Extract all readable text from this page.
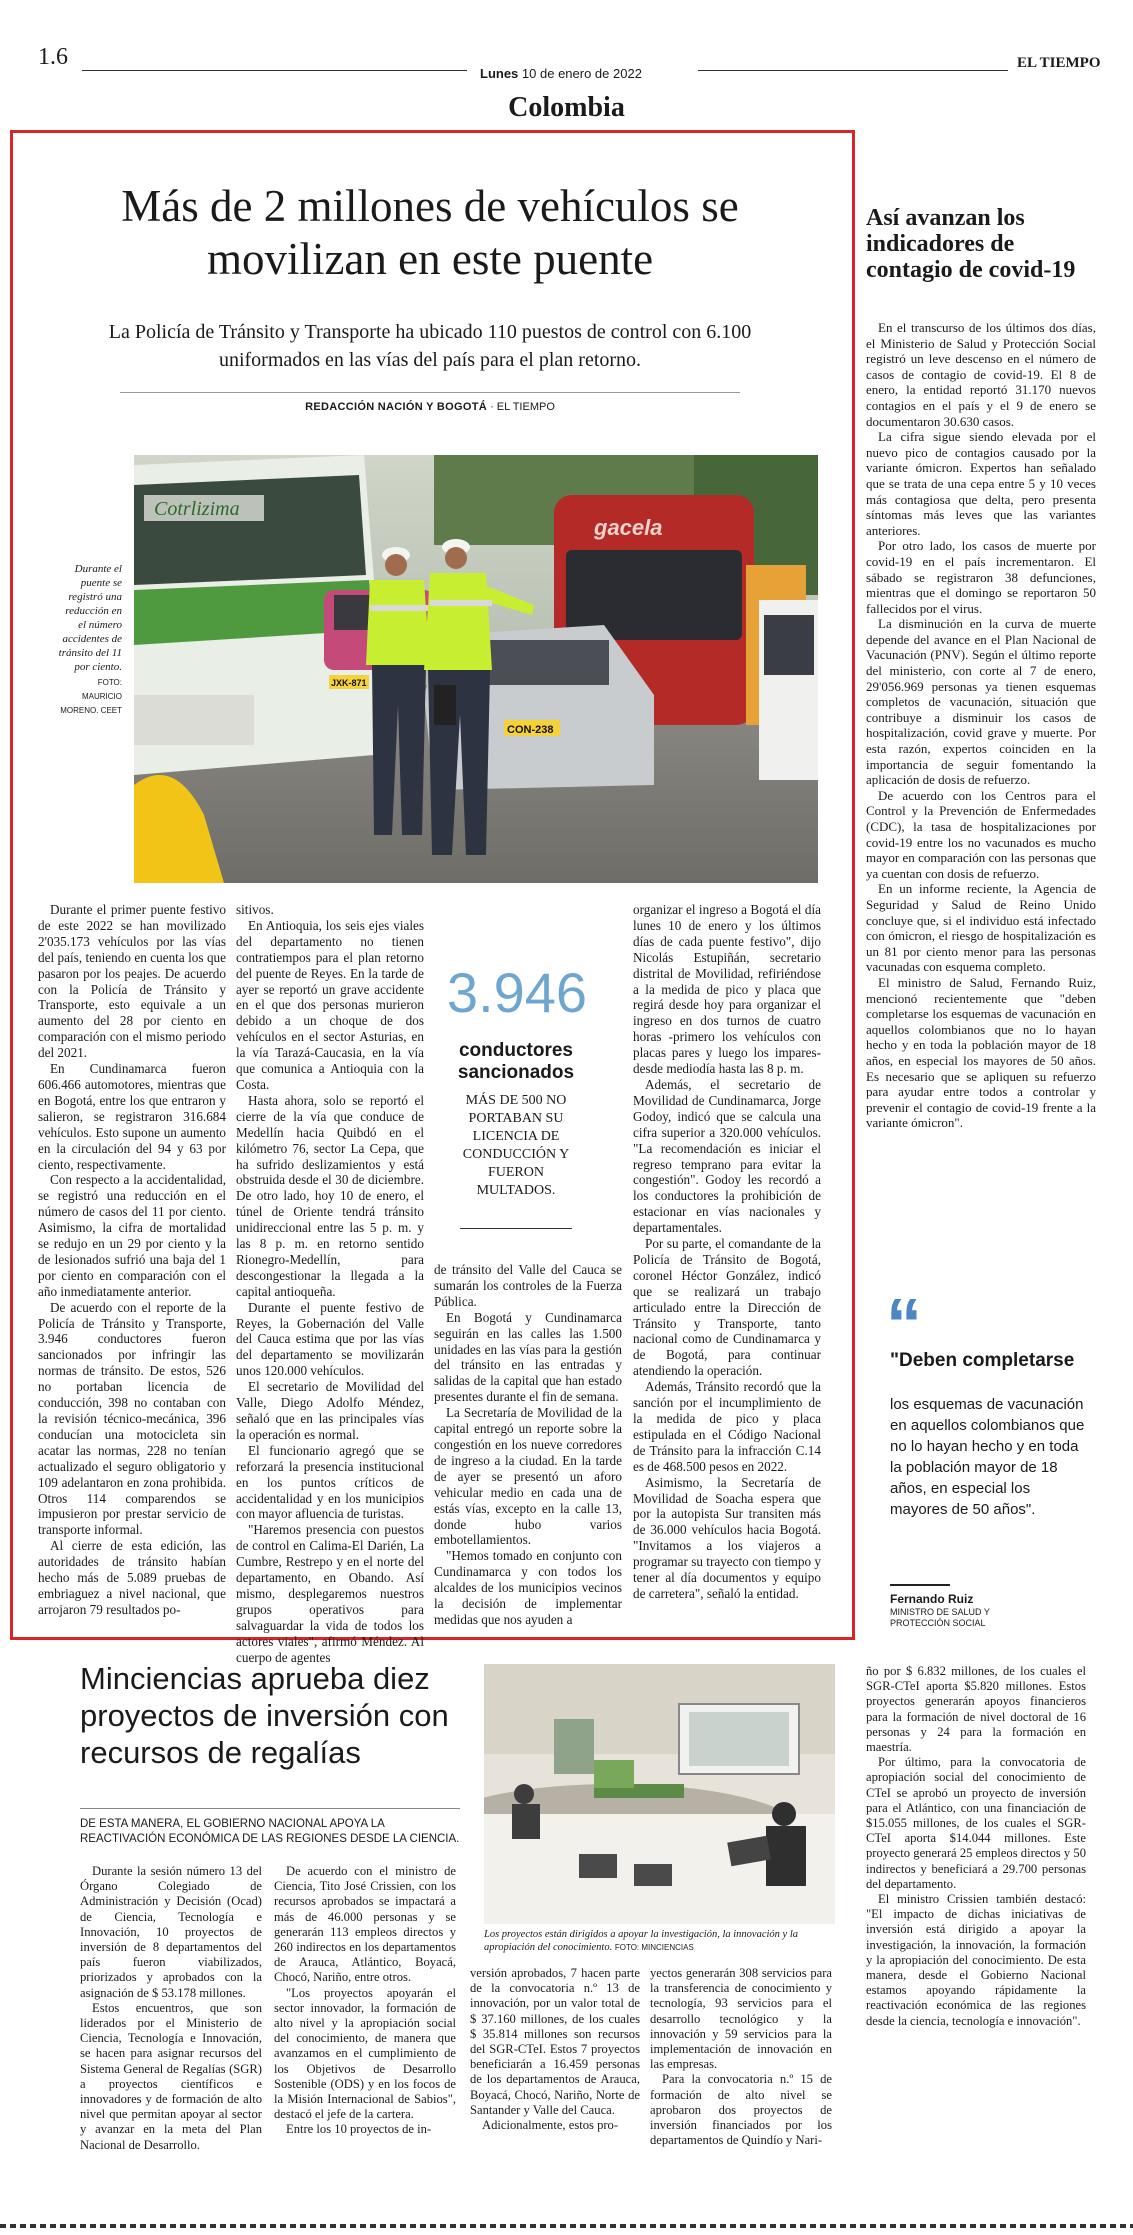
1.6
Lunes 10 de enero de 2022
EL TIEMPO
Colombia
Más de 2 millones de vehículos se movilizan en este puente
La Policía de Tránsito y Transporte ha ubicado 110 puestos de control con 6.100 uniformados en las vías del país para el plan retorno.
REDACCIÓN NACIÓN Y BOGOTÁ · EL TIEMPO
Durante el puente se registró una reducción en el número accidentes de tránsito del 11 por ciento.
FOTO: MAURICIO MORENO. CEET
Cotrlizima
gacela
CON-238
JXK-871

Durante el primer puente festivo de este 2022 se han movilizado 2'035.173 vehículos por las vías del país, teniendo en cuenta los que pasaron por los peajes. De acuerdo con la Policía de Tránsito y Transporte, esto equivale a un aumento del 28 por ciento en comparación con el mismo periodo del 2021.

En Cundinamarca fueron 606.466 automotores, mientras que en Bogotá, entre los que entraron y salieron, se registraron 316.684 vehículos. Esto supone un aumento en la circulación del 94 y 63 por ciento, respectivamente.

Con respecto a la accidentalidad, se registró una reducción en el número de casos del 11 por ciento. Asimismo, la cifra de mortalidad se redujo en un 29 por ciento y la de lesionados sufrió una baja del 1 por ciento en comparación con el año inmediatamente anterior.

De acuerdo con el reporte de la Policía de Tránsito y Transporte, 3.946 conductores fueron sancionados por infringir las normas de tránsito. De estos, 526 no portaban licencia de conducción, 398 no contaban con la revisión técnico-mecánica, 396 conducían una motocicleta sin acatar las normas, 228 no tenían actualizado el seguro obligatorio y 109 adelantaron en zona prohibida. Otros 114 comparendos se impusieron por prestar servicio de transporte informal.

Al cierre de esta edición, las autoridades de tránsito habían hecho más de 5.089 pruebas de embriaguez a nivel nacional, que arrojaron 79 resultados po-

sitivos.

En Antioquia, los seis ejes viales del departamento no tienen contratiempos para el plan retorno del puente de Reyes. En la tarde de ayer se reportó un grave accidente en el que dos personas murieron debido a un choque de dos vehículos en el sector Asturias, en la vía Tarazá-Caucasia, en la vía que comunica a Antioquia con la Costa.

Hasta ahora, solo se reportó el cierre de la vía que conduce de Medellín hacia Quibdó en el kilómetro 76, sector La Cepa, que ha sufrido deslizamientos y está obstruida desde el 30 de diciembre. De otro lado, hoy 10 de enero, el túnel de Oriente tendrá tránsito unidireccional entre las 5 p. m. y las 8 p. m. en retorno sentido Rionegro-Medellín, para descongestionar la llegada a la capital antioqueña.

Durante el puente festivo de Reyes, la Gobernación del Valle del Cauca estima que por las vías del departamento se movilizarán unos 120.000 vehículos.

El secretario de Movilidad del Valle, Diego Adolfo Méndez, señaló que en las principales vías la operación es normal.

El funcionario agregó que se reforzará la presencia institucional en los puntos críticos de accidentalidad y en los municipios con mayor afluencia de turistas.

"Haremos presencia con puestos de control en Calima-El Darién, La Cumbre, Restrepo y en el norte del departamento, en Obando. Así mismo, desplegaremos nuestros grupos operativos para salvaguardar la vida de todos los actores viales", afirmó Méndez. Al cuerpo de agentes

3.946
conductores sancionados
MÁS DE 500 NO PORTABAN SU LICENCIA DE CONDUCCIÓN Y FUERON MULTADOS.

de tránsito del Valle del Cauca se sumarán los controles de la Fuerza Pública.

En Bogotá y Cundinamarca seguirán en las calles las 1.500 unidades en las vías para la gestión del tránsito en las entradas y salidas de la capital que han estado presentes durante el fin de semana.

La Secretaría de Movilidad de la capital entregó un reporte sobre la congestión en los nueve corredores de ingreso a la ciudad. En la tarde de ayer se presentó un aforo vehicular medio en cada una de estás vías, excepto en la calle 13, donde hubo varios embotellamientos.

"Hemos tomado en conjunto con Cundinamarca y con todos los alcaldes de los municipios vecinos la decisión de implementar medidas que nos ayuden a

organizar el ingreso a Bogotá el día lunes 10 de enero y los últimos días de cada puente festivo", dijo Nicolás Estupiñán, secretario distrital de Movilidad, refiriéndose a la medida de pico y placa que regirá desde hoy para organizar el ingreso en dos turnos de cuatro horas -primero los vehículos con placas pares y luego los impares- desde mediodía hasta las 8 p. m.

Además, el secretario de Movilidad de Cundinamarca, Jorge Godoy, indicó que se calcula una cifra superior a 320.000 vehículos. "La recomendación es iniciar el regreso temprano para evitar la congestión". Godoy les recordó a los conductores la prohibición de estacionar en vías nacionales y departamentales.

Por su parte, el comandante de la Policía de Tránsito de Bogotá, coronel Héctor González, indicó que se realizará un trabajo articulado entre la Dirección de Tránsito y Transporte, tanto nacional como de Cundinamarca y de Bogotá, para continuar atendiendo la operación.

Además, Tránsito recordó que la sanción por el incumplimiento de la medida de pico y placa estipulada en el Código Nacional de Tránsito para la infracción C.14 es de 468.500 pesos en 2022.

Asimismo, la Secretaría de Movilidad de Soacha espera que por la autopista Sur transiten más de 36.000 vehículos hacia Bogotá. "Invitamos a los viajeros a programar su trayecto con tiempo y tener al día documentos y equipo de carretera", señaló la entidad.

Así avanzan los indicadores de contagio de covid-19

En el transcurso de los últimos dos días, el Ministerio de Salud y Protección Social registró un leve descenso en el número de casos de contagio de covid-19. El 8 de enero, la entidad reportó 31.170 nuevos contagios en el país y el 9 de enero se documentaron 30.630 casos.

La cifra sigue siendo elevada por el nuevo pico de contagios causado por la variante ómicron. Expertos han señalado que se trata de una cepa entre 5 y 10 veces más contagiosa que delta, pero presenta síntomas más leves que las variantes anteriores.

Por otro lado, los casos de muerte por covid-19 en el país incrementaron. El sábado se registraron 38 defunciones, mientras que el domingo se reportaron 50 fallecidos por el virus.

La disminución en la curva de muerte depende del avance en el Plan Nacional de Vacunación (PNV). Según el último reporte del ministerio, con corte al 7 de enero, 29'056.969 personas ya tienen esquemas completos de vacunación, situación que contribuye a disminuir los casos de hospitalización, covid grave y muerte. Por esta razón, expertos coinciden en la importancia de seguir fomentando la aplicación de dosis de refuerzo.

De acuerdo con los Centros para el Control y la Prevención de Enfermedades (CDC), la tasa de hospitalizaciones por covid-19 entre los no vacunados es mucho mayor en comparación con las personas que ya cuentan con dosis de refuerzo.

En un informe reciente, la Agencia de Seguridad y Salud de Reino Unido concluye que, si el individuo está infectado con ómicron, el riesgo de hospitalización es un 81 por ciento menor para las personas vacunadas con esquema completo.

El ministro de Salud, Fernando Ruiz, mencionó recientemente que "deben completarse los esquemas de vacunación en aquellos colombianos que no lo hayan hecho y en toda la población mayor de 18 años, en especial los mayores de 50 años. Es necesario que se apliquen su refuerzo para ayudar entre todos a controlar y prevenir el contagio de covid-19 frente a la variante ómicron".

“
"Deben completarse
los esquemas de vacunación en aquellos colombianos que no lo hayan hecho y en toda la población mayor de 18 años, en especial los mayores de 50 años".
Fernando Ruiz
MINISTRO DE SALUD Y PROTECCIÓN SOCIAL
Minciencias aprueba diez proyectos de inversión con recursos de regalías
DE ESTA MANERA, EL GOBIERNO NACIONAL APOYA LA REACTIVACIÓN ECONÓMICA DE LAS REGIONES DESDE LA CIENCIA.
Los proyectos están dirigidos a apoyar la investigación, la innovación y la apropiación del conocimiento. FOTO: MINCIENCIAS

Durante la sesión número 13 del Órgano Colegiado de Administración y Decisión (Ocad) de Ciencia, Tecnología e Innovación, 10 proyectos de inversión de 8 departamentos del país fueron viabilizados, priorizados y aprobados con la asignación de $ 53.178 millones.

Estos encuentros, que son liderados por el Ministerio de Ciencia, Tecnología e Innovación, se hacen para asignar recursos del Sistema General de Regalías (SGR) a proyectos científicos e innovadores y de formación de alto nivel que permitan apoyar al sector y avanzar en la meta del Plan Nacional de Desarrollo.

De acuerdo con el ministro de Ciencia, Tito José Crissien, con los recursos aprobados se impactará a más de 46.000 personas y se generarán 113 empleos directos y 260 indirectos en los departamentos de Arauca, Atlántico, Boyacá, Chocó, Nariño, entre otros.

"Los proyectos apoyarán el sector innovador, la formación de alto nivel y la apropiación social del conocimiento, de manera que avanzamos en el cumplimiento de los Objetivos de Desarrollo Sostenible (ODS) y en los focos de la Misión Internacional de Sabios", destacó el jefe de la cartera.

Entre los 10 proyectos de in-

versión aprobados, 7 hacen parte de la convocatoria n.º 13 de innovación, por un valor total de $ 37.160 millones, de los cuales $ 35.814 millones son recursos del SGR-CTeI. Estos 7 proyectos beneficiarán a 16.459 personas de los departamentos de Arauca, Boyacá, Chocó, Nariño, Norte de Santander y Valle del Cauca.

Adicionalmente, estos pro-

yectos generarán 308 servicios para la transferencia de conocimiento y tecnología, 93 servicios para el desarrollo tecnológico y la innovación y 59 servicios para la implementación de innovación en las empresas.

Para la convocatoria n.º 15 de formación de alto nivel se aprobaron dos proyectos de inversión financiados por los departamentos de Quindío y Nari-

ño por $ 6.832 millones, de los cuales el SGR-CTeI aporta $5.820 millones. Estos proyectos generarán apoyos financieros para la formación de nivel doctoral de 16 personas y 24 para la formación en maestría.

Por último, para la convocatoria de apropiación social del conocimiento de CTeI se aprobó un proyecto de inversión para el Atlántico, con una financiación de $15.055 millones, de los cuales el SGR-CTeI aporta $14.044 millones. Este proyecto generará 25 empleos directos y 50 indirectos y beneficiará a 29.700 personas del departamento.

El ministro Crissien también destacó: "El impacto de dichas iniciativas de inversión está dirigido a apoyar la investigación, la innovación, la formación y la apropiación del conocimiento. De esta manera, desde el Gobierno Nacional estamos apoyando rápidamente la reactivación económica de las regiones desde la ciencia, tecnología e innovación".
